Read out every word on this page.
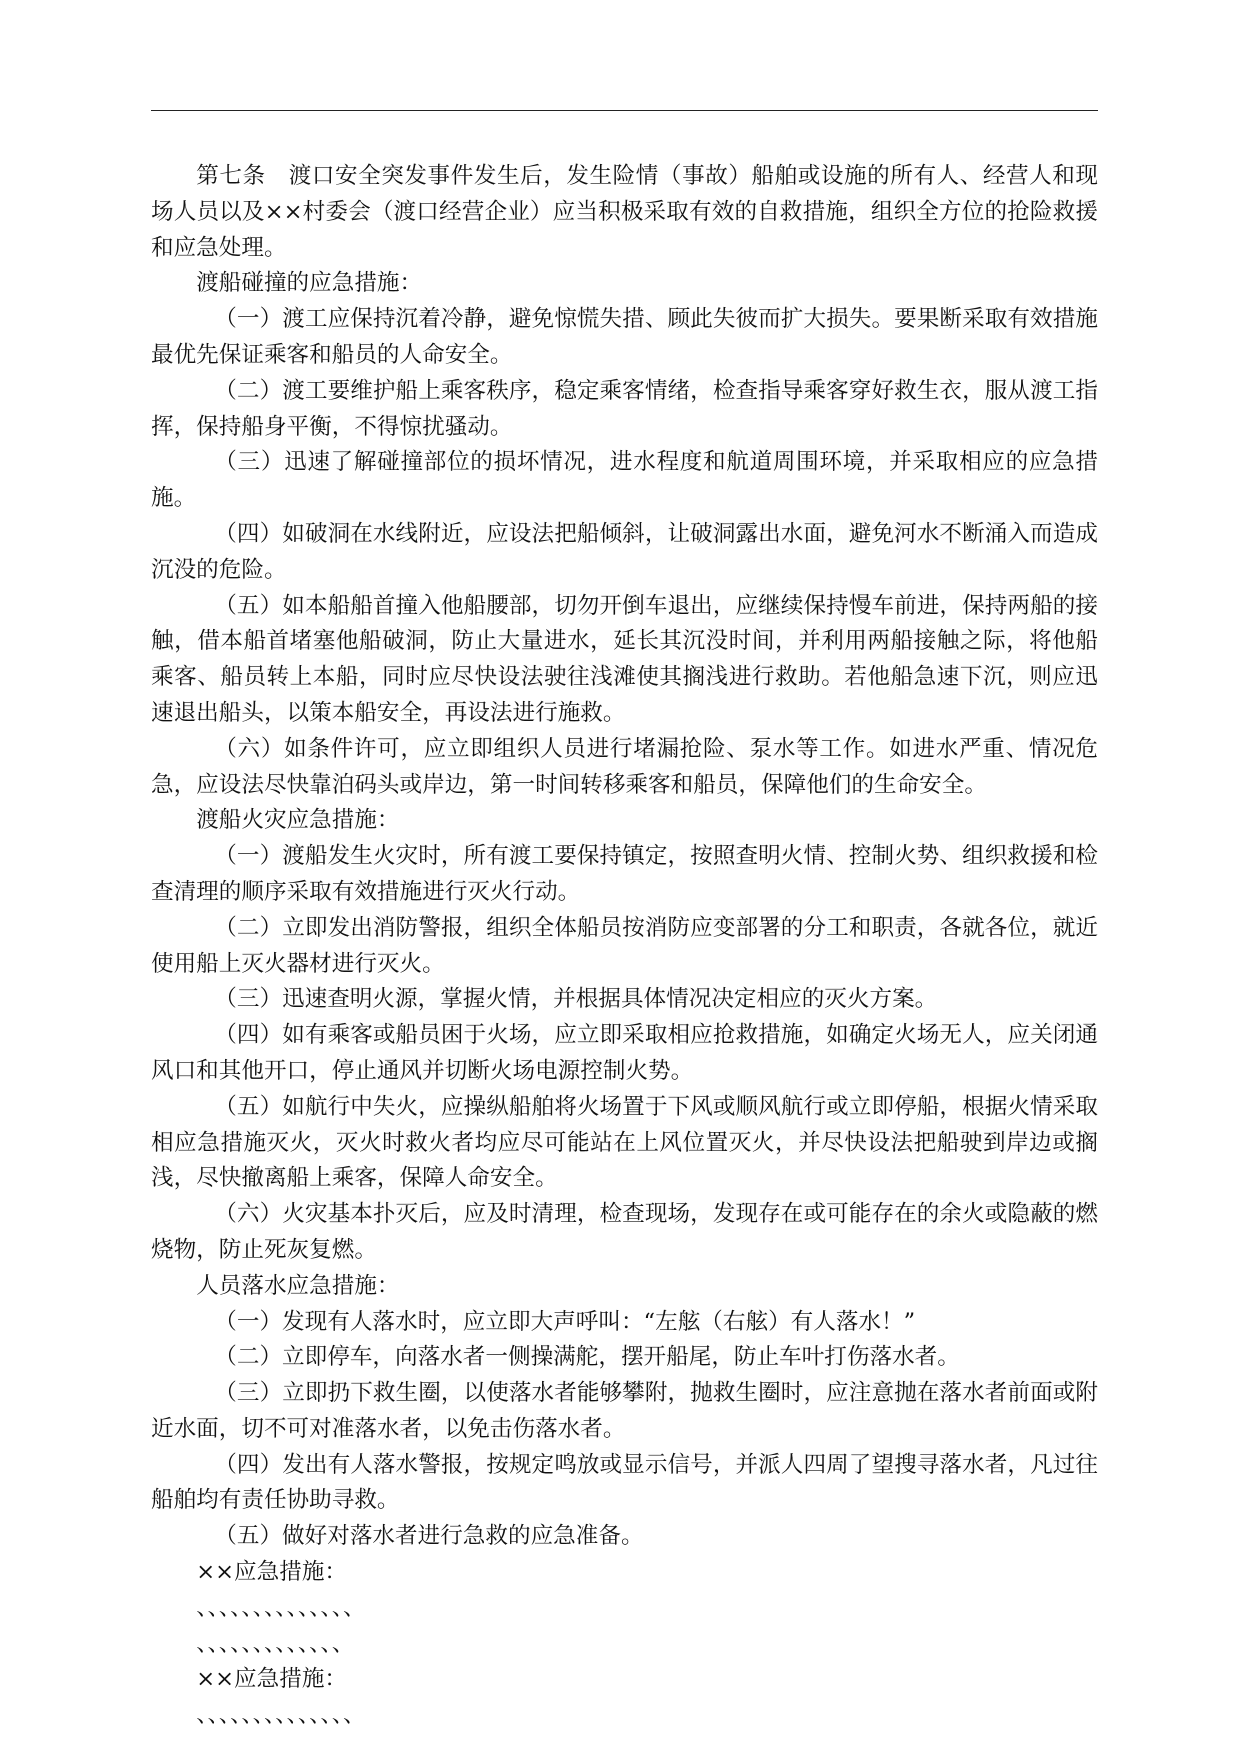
第七条　渡口安全突发事件发生后，发生险情（事故）船舶或设施的所有人、经营人和现场人员以及××村委会（渡口经营企业）应当积极采取有效的自救措施，组织全方位的抢险救援和应急处理。

渡船碰撞的应急措施：

（一）渡工应保持沉着冷静，避免惊慌失措、顾此失彼而扩大损失。要果断采取有效措施最优先保证乘客和船员的人命安全。

（二）渡工要维护船上乘客秩序，稳定乘客情绪，检查指导乘客穿好救生衣，服从渡工指挥，保持船身平衡，不得惊扰骚动。

（三）迅速了解碰撞部位的损坏情况，进水程度和航道周围环境，并采取相应的应急措施。

（四）如破洞在水线附近，应设法把船倾斜，让破洞露出水面，避免河水不断涌入而造成沉没的危险。

（五）如本船船首撞入他船腰部，切勿开倒车退出，应继续保持慢车前进，保持两船的接触，借本船首堵塞他船破洞，防止大量进水，延长其沉没时间，并利用两船接触之际，将他船乘客、船员转上本船，同时应尽快设法驶往浅滩使其搁浅进行救助。若他船急速下沉，则应迅速退出船头，以策本船安全，再设法进行施救。

（六）如条件许可，应立即组织人员进行堵漏抢险、泵水等工作。如进水严重、情况危急，应设法尽快靠泊码头或岸边，第一时间转移乘客和船员，保障他们的生命安全。

渡船火灾应急措施：

（一）渡船发生火灾时，所有渡工要保持镇定，按照查明火情、控制火势、组织救援和检查清理的顺序采取有效措施进行灭火行动。

（二）立即发出消防警报，组织全体船员按消防应变部署的分工和职责，各就各位，就近使用船上灭火器材进行灭火。

（三）迅速查明火源，掌握火情，并根据具体情况决定相应的灭火方案。

（四）如有乘客或船员困于火场，应立即采取相应抢救措施，如确定火场无人，应关闭通风口和其他开口，停止通风并切断火场电源控制火势。

（五）如航行中失火，应操纵船舶将火场置于下风或顺风航行或立即停船，根据火情采取相应急措施灭火，灭火时救火者均应尽可能站在上风位置灭火，并尽快设法把船驶到岸边或搁浅，尽快撤离船上乘客，保障人命安全。

（六）火灾基本扑灭后，应及时清理，检查现场，发现存在或可能存在的余火或隐蔽的燃烧物，防止死灰复燃。

人员落水应急措施：

（一）发现有人落水时，应立即大声呼叫：“左舷（右舷）有人落水！”

（二）立即停车，向落水者一侧操满舵，摆开船尾，防止车叶打伤落水者。

（三）立即扔下救生圈，以使落水者能够攀附，抛救生圈时，应注意抛在落水者前面或附近水面，切不可对准落水者，以免击伤落水者。

（四）发出有人落水警报，按规定鸣放或显示信号，并派人四周了望搜寻落水者，凡过往船舶均有责任协助寻救。

（五）做好对落水者进行急救的应急准备。

××应急措施：

、、、、、、、、、、、、、、

、、、、、、、、、、、、、

××应急措施：

、、、、、、、、、、、、、、
